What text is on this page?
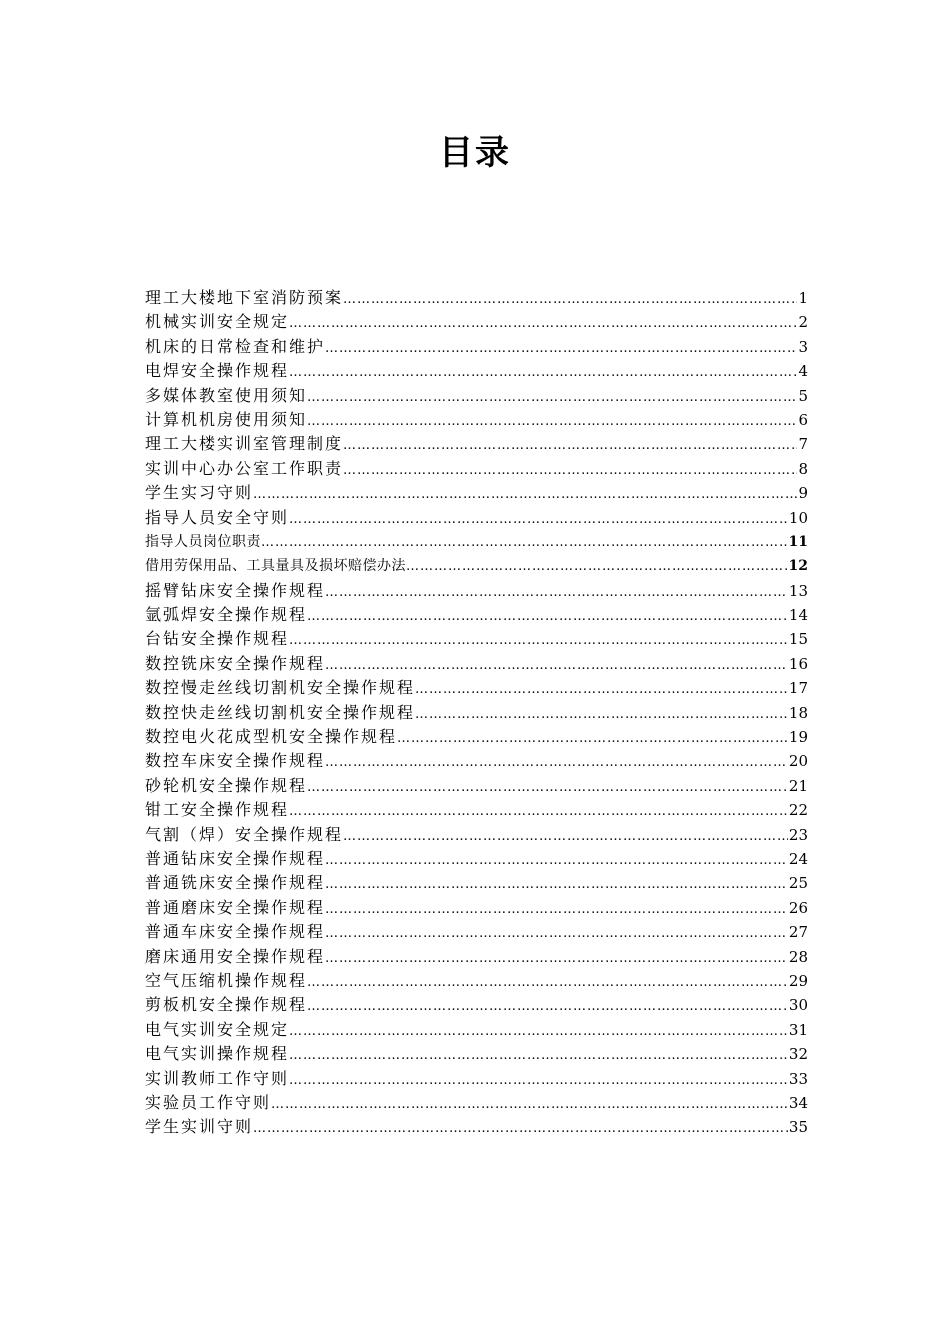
目录
理工大楼地下室消防预案 …………………………………………………………………………………………………………………………………………………………	1
机械实训安全规定 …………………………………………………………………………………………………………………………………………………………	2
机床的日常检查和维护 …………………………………………………………………………………………………………………………………………………………	3
电焊安全操作规程 …………………………………………………………………………………………………………………………………………………………	4
多媒体教室使用须知 …………………………………………………………………………………………………………………………………………………………	5
计算机机房使用须知 …………………………………………………………………………………………………………………………………………………………	6
理工大楼实训室管理制度 …………………………………………………………………………………………………………………………………………………………	7
实训中心办公室工作职责 …………………………………………………………………………………………………………………………………………………………	8
学生实习守则 …………………………………………………………………………………………………………………………………………………………	9
指导人员安全守则 …………………………………………………………………………………………………………………………………………………………	10
指导人员岗位职责 …………………………………………………………………………………………………………………………………………………………	11
借用劳保用品、工具量具及损坏赔偿办法 …………………………………………………………………………………………………………………………………………………………	12
摇臂钻床安全操作规程 …………………………………………………………………………………………………………………………………………………………	13
氩弧焊安全操作规程 …………………………………………………………………………………………………………………………………………………………	14
台钻安全操作规程 …………………………………………………………………………………………………………………………………………………………	15
数控铣床安全操作规程 …………………………………………………………………………………………………………………………………………………………	16
数控慢走丝线切割机安全操作规程 …………………………………………………………………………………………………………………………………………………………	17
数控快走丝线切割机安全操作规程 …………………………………………………………………………………………………………………………………………………………	18
数控电火花成型机安全操作规程 …………………………………………………………………………………………………………………………………………………………	19
数控车床安全操作规程 …………………………………………………………………………………………………………………………………………………………	20
砂轮机安全操作规程 …………………………………………………………………………………………………………………………………………………………	21
钳工安全操作规程 …………………………………………………………………………………………………………………………………………………………	22
气割（焊）安全操作规程 …………………………………………………………………………………………………………………………………………………………	23
普通钻床安全操作规程 …………………………………………………………………………………………………………………………………………………………	24
普通铣床安全操作规程 …………………………………………………………………………………………………………………………………………………………	25
普通磨床安全操作规程 …………………………………………………………………………………………………………………………………………………………	26
普通车床安全操作规程 …………………………………………………………………………………………………………………………………………………………	27
磨床通用安全操作规程 …………………………………………………………………………………………………………………………………………………………	28
空气压缩机操作规程 …………………………………………………………………………………………………………………………………………………………	29
剪板机安全操作规程 …………………………………………………………………………………………………………………………………………………………	30
电气实训安全规定 …………………………………………………………………………………………………………………………………………………………	31
电气实训操作规程 …………………………………………………………………………………………………………………………………………………………	32
实训教师工作守则 …………………………………………………………………………………………………………………………………………………………	33
实验员工作守则 …………………………………………………………………………………………………………………………………………………………	34
学生实训守则 …………………………………………………………………………………………………………………………………………………………	35
